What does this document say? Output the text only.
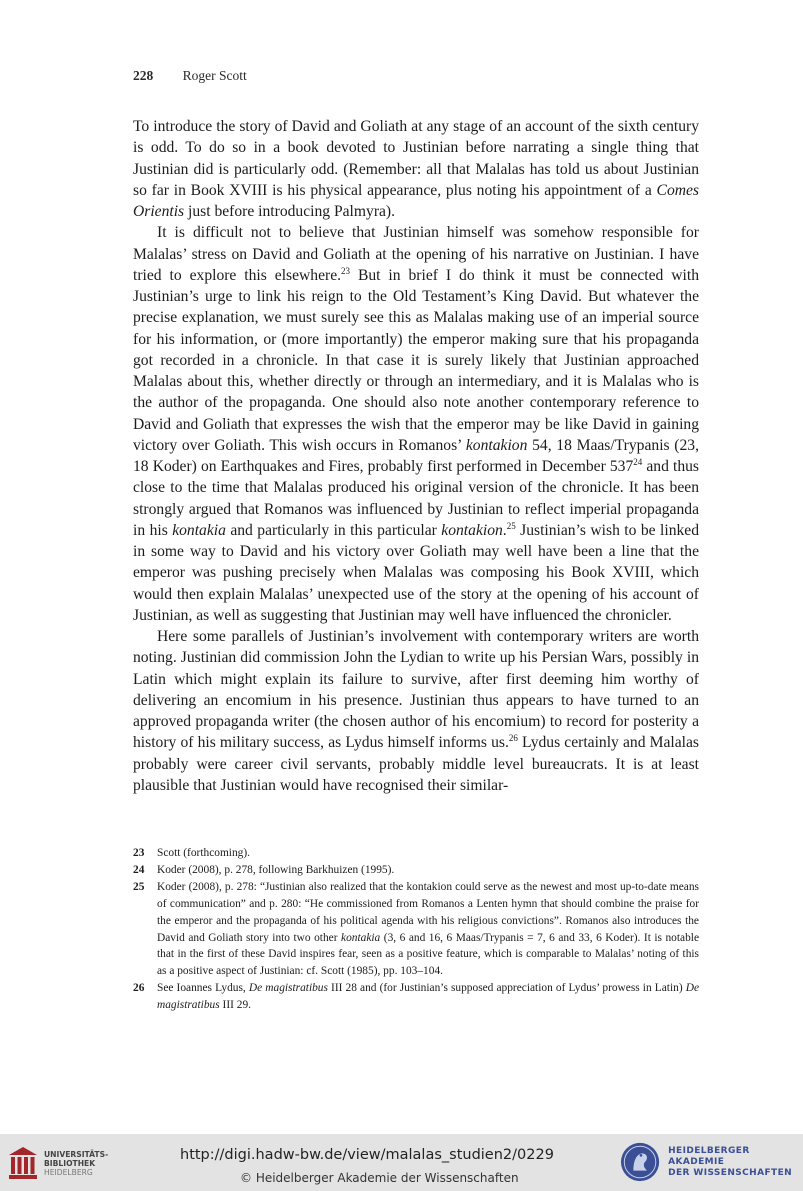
228 Roger Scott

To introduce the story of David and Goliath at any stage of an account of the sixth century is odd. To do so in a book devoted to Justinian before narrating a single thing that Justinian did is particularly odd. (Remember: all that Malalas has told us about Justinian so far in Book XVIII is his physical appearance, plus noting his appointment of a Comes Orientis just before introducing Palmyra).

It is difficult not to believe that Justinian himself was somehow responsible for Malalas’ stress on David and Goliath at the opening of his narrative on Justinian. I have tried to explore this elsewhere.$^{23}$ But in brief I do think it must be connected with Justinian’s urge to link his reign to the Old Testament’s King David. But whatever the precise explanation, we must surely see this as Malalas making use of an imperial source for his information, or (more importantly) the emperor making sure that his propaganda got recorded in a chronicle. In that case it is surely likely that Justinian approached Malalas about this, whether directly or through an intermediary, and it is Malalas who is the author of the propaganda. One should also note another contemporary reference to David and Goliath that expresses the wish that the emperor may be like David in gaining victory over Goliath. This wish occurs in Romanos’ kontakion 54, 18 Maas/Trypanis (23, 18 Koder) on Earthquakes and Fires, probably first performed in December $537^{24}$ and thus close to the time that Malalas produced his original version of the chronicle. It has been strongly argued that Romanos was influenced by Justinian to reflect imperial propaganda in his kontakia and particularly in this particular kontakion.$^{25}$ Justinian’s wish to be linked in some way to David and his victory over Goliath may well have been a line that the emperor was pushing precisely when Malalas was composing his Book XVIII, which would then explain Malalas’ unexpected use of the story at the opening of his account of Justinian, as well as suggesting that Justinian may well have influenced the chronicler.

Here some parallels of Justinian’s involvement with contemporary writers are worth noting. Justinian did commission John the Lydian to write up his Persian Wars, possibly in Latin which might explain its failure to survive, after first deeming him worthy of delivering an encomium in his presence. Justinian thus appears to have turned to an approved propaganda writer (the chosen author of his encomium) to record for posterity a history of his military success, as Lydus himself informs us.$^{26}$ Lydus certainly and Malalas probably were career civil servants, probably middle level bureaucrats. It is at least plausible that Justinian would have recognised their similar-

23	Scott (forthcoming).
24	Koder (2008), p. 278, following Barkhuizen (1995).
25	Koder (2008), p. 278: “Justinian also realized that the kontakion could serve as the newest and most up-to-date means of communication” and p. 280: “He commissioned from Romanos a Lenten hymn that should combine the praise for the emperor and the propaganda of his political agenda with his religious convictions”. Romanos also introduces the David and Goliath story into two other kontakia (3, 6 and 16, 6 Maas/Trypanis = 7, 6 and 33, 6 Koder). It is notable that in the first of these David inspires fear, seen as a positive feature, which is comparable to Malalas’ noting of this as a positive aspect of Justinian: cf. Scott (1985), pp. 103–104.
26	See Ioannes Lydus, De magistratibus III 28 and (for Justinian’s supposed appreciation of Lydus’ prowess in Latin) De magistratibus III 29.
UNIVERSITÄTS-
BIBLIOTHEK
HEIDELBERG
http://digi.hadw-bw.de/view/malalas_studien2/0229
© Heidelberger Akademie der Wissenschaften
HEIDELBERGER AKADEMIE
DER WISSENSCHAFTEN
